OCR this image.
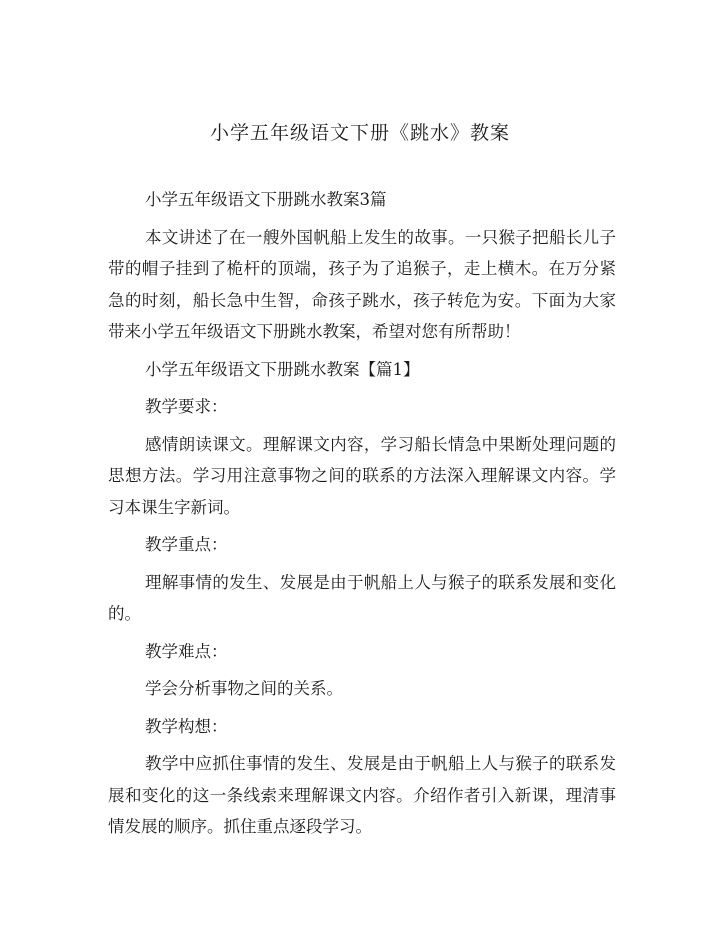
小学五年级语文下册《跳水》教案

小学五年级语文下册跳水教案3篇

本文讲述了在一艘外国帆船上发生的故事。一只猴子把船长儿子带的帽子挂到了桅杆的顶端，孩子为了追猴子，走上横木。在万分紧急的时刻，船长急中生智，命孩子跳水，孩子转危为安。下面为大家带来小学五年级语文下册跳水教案，希望对您有所帮助！

小学五年级语文下册跳水教案【篇1】

教学要求：

感情朗读课文。理解课文内容，学习船长情急中果断处理问题的思想方法。学习用注意事物之间的联系的方法深入理解课文内容。学习本课生字新词。

教学重点：

理解事情的发生、发展是由于帆船上人与猴子的联系发展和变化的。

教学难点：

学会分析事物之间的关系。

教学构想：

教学中应抓住事情的发生、发展是由于帆船上人与猴子的联系发展和变化的这一条线索来理解课文内容。介绍作者引入新课，理清事情发展的顺序。抓住重点逐段学习。
